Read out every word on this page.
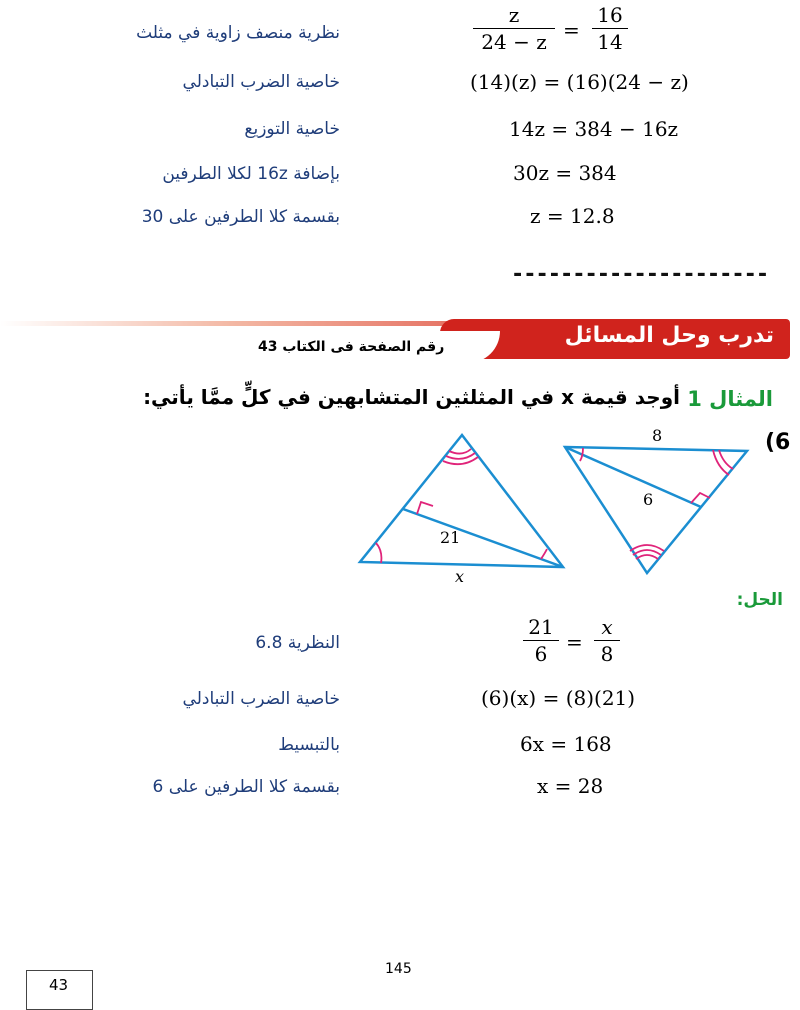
نظرية منصف زاوية في مثلث	$\frac{z}{24 - z} = \frac{16}{14}$
خاصية الضرب التبادلي	(14)(z) = (16)(24 − z)
خاصية التوزيع	14z = 384 − 16z
بإضافة 16z لكلا الطرفين	30z = 384
بقسمة كلا الطرفين على 30	z = 12.8
---------------------
تدرب وحل المسائل
رقم الصفحة فى الكتاب 43
المثال 1
أوجد قيمة x في المثلثين المتشابهين في كلٍّ ممَّا يأتي:
(6
21
x
8
6
الحل:
النظرية 6.8	$\frac{21}{6} = \frac{x}{8}$
خاصية الضرب التبادلي	(6)(x) = (8)(21)
بالتبسيط	6x = 168
بقسمة كلا الطرفين على 6	x = 28
145
43
